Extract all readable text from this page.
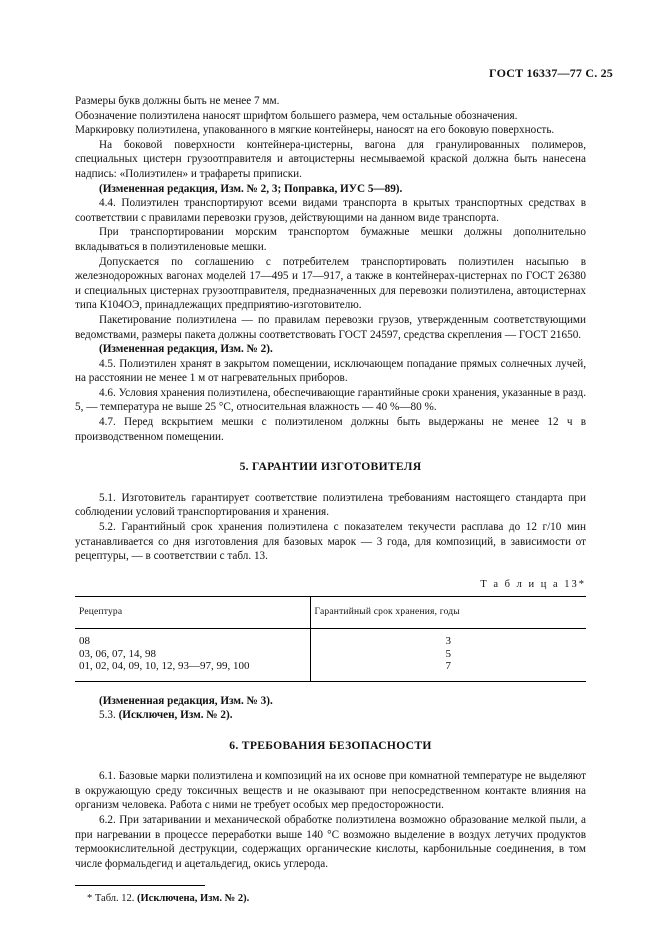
ГОСТ 16337—77 С. 25

Размеры букв должны быть не менее 7 мм.

Обозначение полиэтилена наносят шрифтом большего размера, чем остальные обозначения.

Маркировку полиэтилена, упакованного в мягкие контейнеры, наносят на его боковую поверхность.

На боковой поверхности контейнера-цистерны, вагона для гранулированных полимеров, специальных цистерн грузоотправителя и автоцистерны несмываемой краской должна быть нанесена надпись: «Полиэтилен» и трафареты приписки.

(Измененная редакция, Изм. № 2, 3; Поправка, ИУС 5—89).

4.4. Полиэтилен транспортируют всеми видами транспорта в крытых транспортных средствах в соответствии с правилами перевозки грузов, действующими на данном виде транспорта.

При транспортировании морским транспортом бумажные мешки должны дополнительно вкладываться в полиэтиленовые мешки.

Допускается по соглашению с потребителем транспортировать полиэтилен насыпью в железнодорожных вагонах моделей 17—495 и 17—917, а также в контейнерах-цистернах по ГОСТ 26380 и специальных цистернах грузоотправителя, предназначенных для перевозки полиэтилена, автоцистернах типа К104ОЭ, принадлежащих предприятию-изготовителю.

Пакетирование полиэтилена — по правилам перевозки грузов, утвержденным соответствующими ведомствами, размеры пакета должны соответствовать ГОСТ 24597, средства скрепления — ГОСТ 21650.

(Измененная редакция, Изм. № 2).

4.5. Полиэтилен хранят в закрытом помещении, исключающем попадание прямых солнечных лучей, на расстоянии не менее 1 м от нагревательных приборов.

4.6. Условия хранения полиэтилена, обеспечивающие гарантийные сроки хранения, указанные в разд. 5, — температура не выше 25 °С, относительная влажность — 40 %—80 %.

4.7. Перед вскрытием мешки с полиэтиленом должны быть выдержаны не менее 12 ч в производственном помещении.

5. ГАРАНТИИ ИЗГОТОВИТЕЛЯ

5.1. Изготовитель гарантирует соответствие полиэтилена требованиям настоящего стандарта при соблюдении условий транспортирования и хранения.

5.2. Гарантийный срок хранения полиэтилена с показателем текучести расплава до 12 г/10 мин устанавливается со дня изготовления для базовых марок — 3 года, для композиций, в зависимости от рецептуры, — в соответствии с табл. 13.

Т а б л и ц а 13*
Рецептура	Гарантийный срок хранения, годы
08	3
03, 06, 07, 14, 98	5
01, 02, 04, 09, 10, 12, 93—97, 99, 100	7

(Измененная редакция, Изм. № 3).

5.3. (Исключен, Изм. № 2).

6. ТРЕБОВАНИЯ БЕЗОПАСНОСТИ

6.1. Базовые марки полиэтилена и композиций на их основе при комнатной температуре не выделяют в окружающую среду токсичных веществ и не оказывают при непосредственном контакте влияния на организм человека. Работа с ними не требует особых мер предосторожности.

6.2. При затаривании и механической обработке полиэтилена возможно образование мелкой пыли, а при нагревании в процессе переработки выше 140 °С возможно выделение в воздух летучих продуктов термоокислительной деструкции, содержащих органические кислоты, карбонильные соединения, в том числе формальдегид и ацетальдегид, окись углерода.

* Табл. 12. (Исключена, Изм. № 2).
